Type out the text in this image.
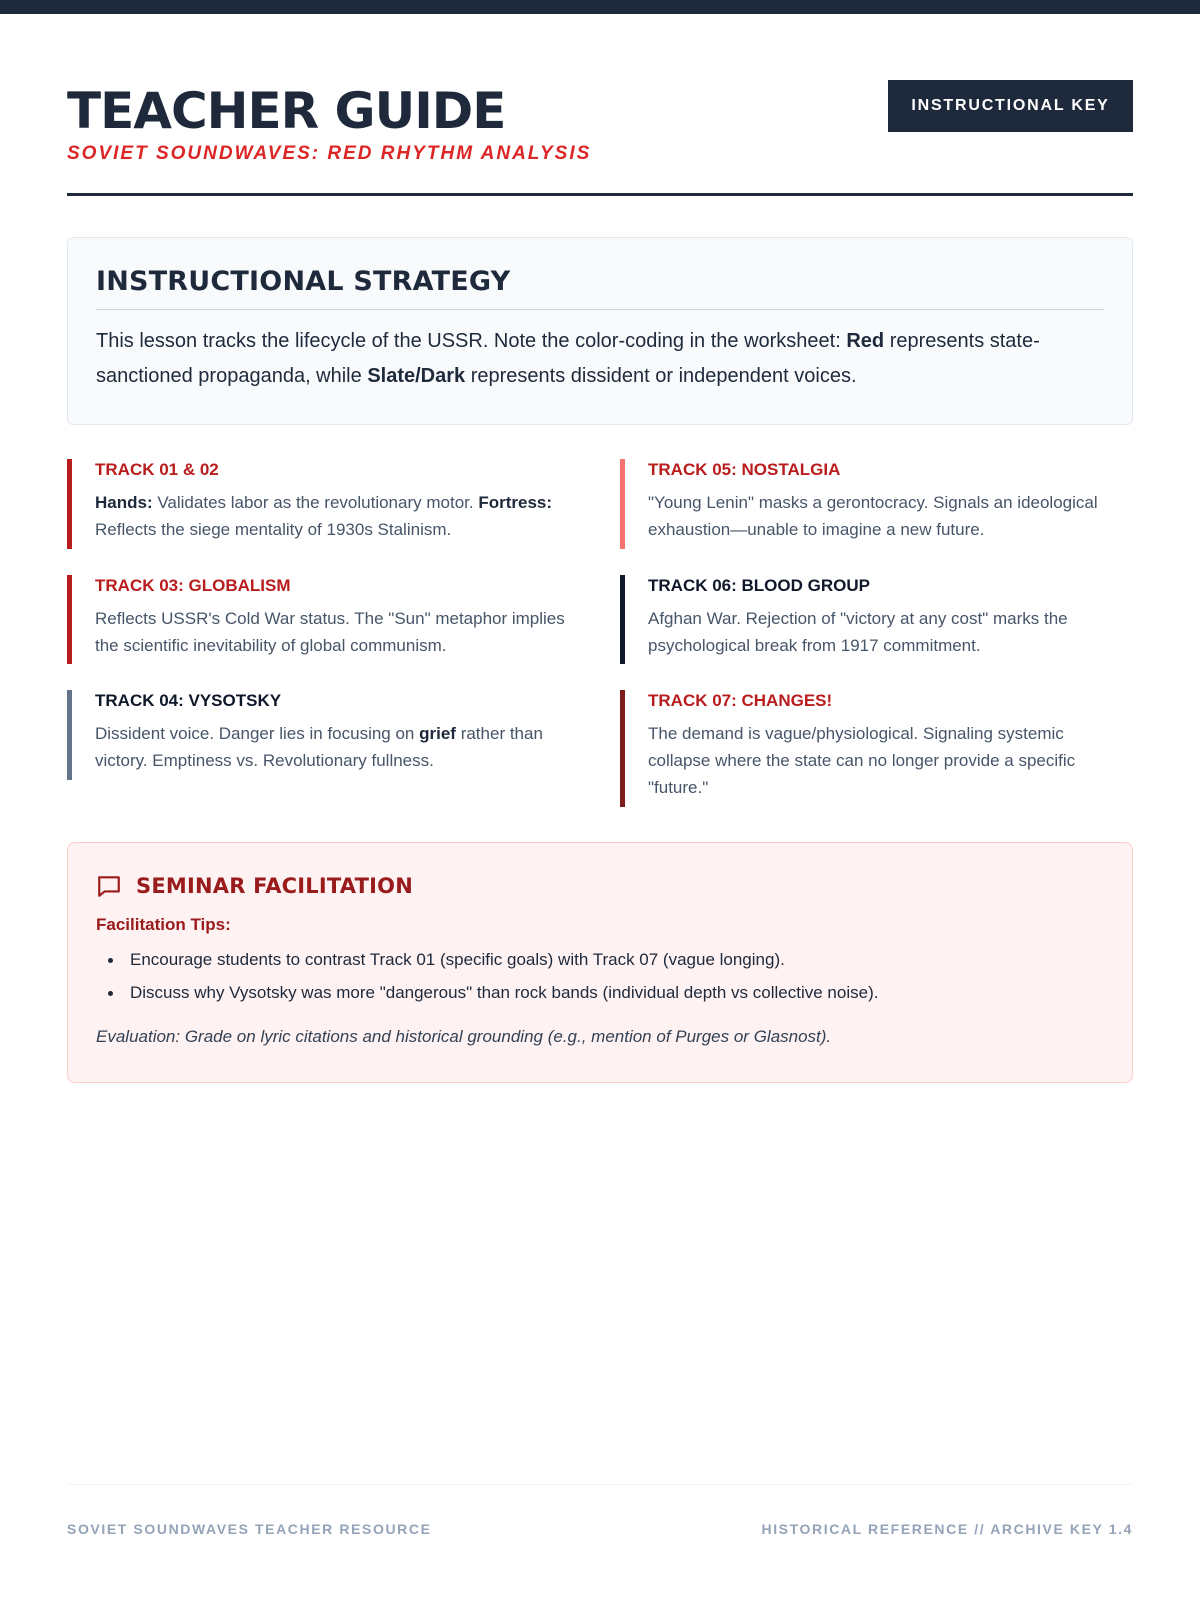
TEACHER GUIDE
SOVIET SOUNDWAVES: RED RHYTHM ANALYSIS
INSTRUCTIONAL KEY
INSTRUCTIONAL STRATEGY

This lesson tracks the lifecycle of the USSR. Note the color-coding in the worksheet: Red represents state-sanctioned propaganda, while Slate/Dark represents dissident or independent voices.

TRACK 01 & 02
Hands: Validates labor as the revolutionary motor. Fortress: Reflects the siege mentality of 1930s Stalinism.
TRACK 03: GLOBALISM
Reflects USSR's Cold War status. The "Sun" metaphor implies the scientific inevitability of global communism.
TRACK 04: VYSOTSKY
Dissident voice. Danger lies in focusing on grief rather than victory. Emptiness vs. Revolutionary fullness.
TRACK 05: NOSTALGIA
"Young Lenin" masks a gerontocracy. Signals an ideological exhaustion—unable to imagine a new future.
TRACK 06: BLOOD GROUP
Afghan War. Rejection of "victory at any cost" marks the psychological break from 1917 commitment.
TRACK 07: CHANGES!
The demand is vague/physiological. Signaling systemic collapse where the state can no longer provide a specific "future."
SEMINAR FACILITATION
Facilitation Tips:
Encourage students to contrast Track 01 (specific goals) with Track 07 (vague longing).
Discuss why Vysotsky was more "dangerous" than rock bands (individual depth vs collective noise).
Evaluation: Grade on lyric citations and historical grounding (e.g., mention of Purges or Glasnost).
SOVIET SOUNDWAVES TEACHER RESOURCE	HISTORICAL REFERENCE // ARCHIVE KEY 1.4
